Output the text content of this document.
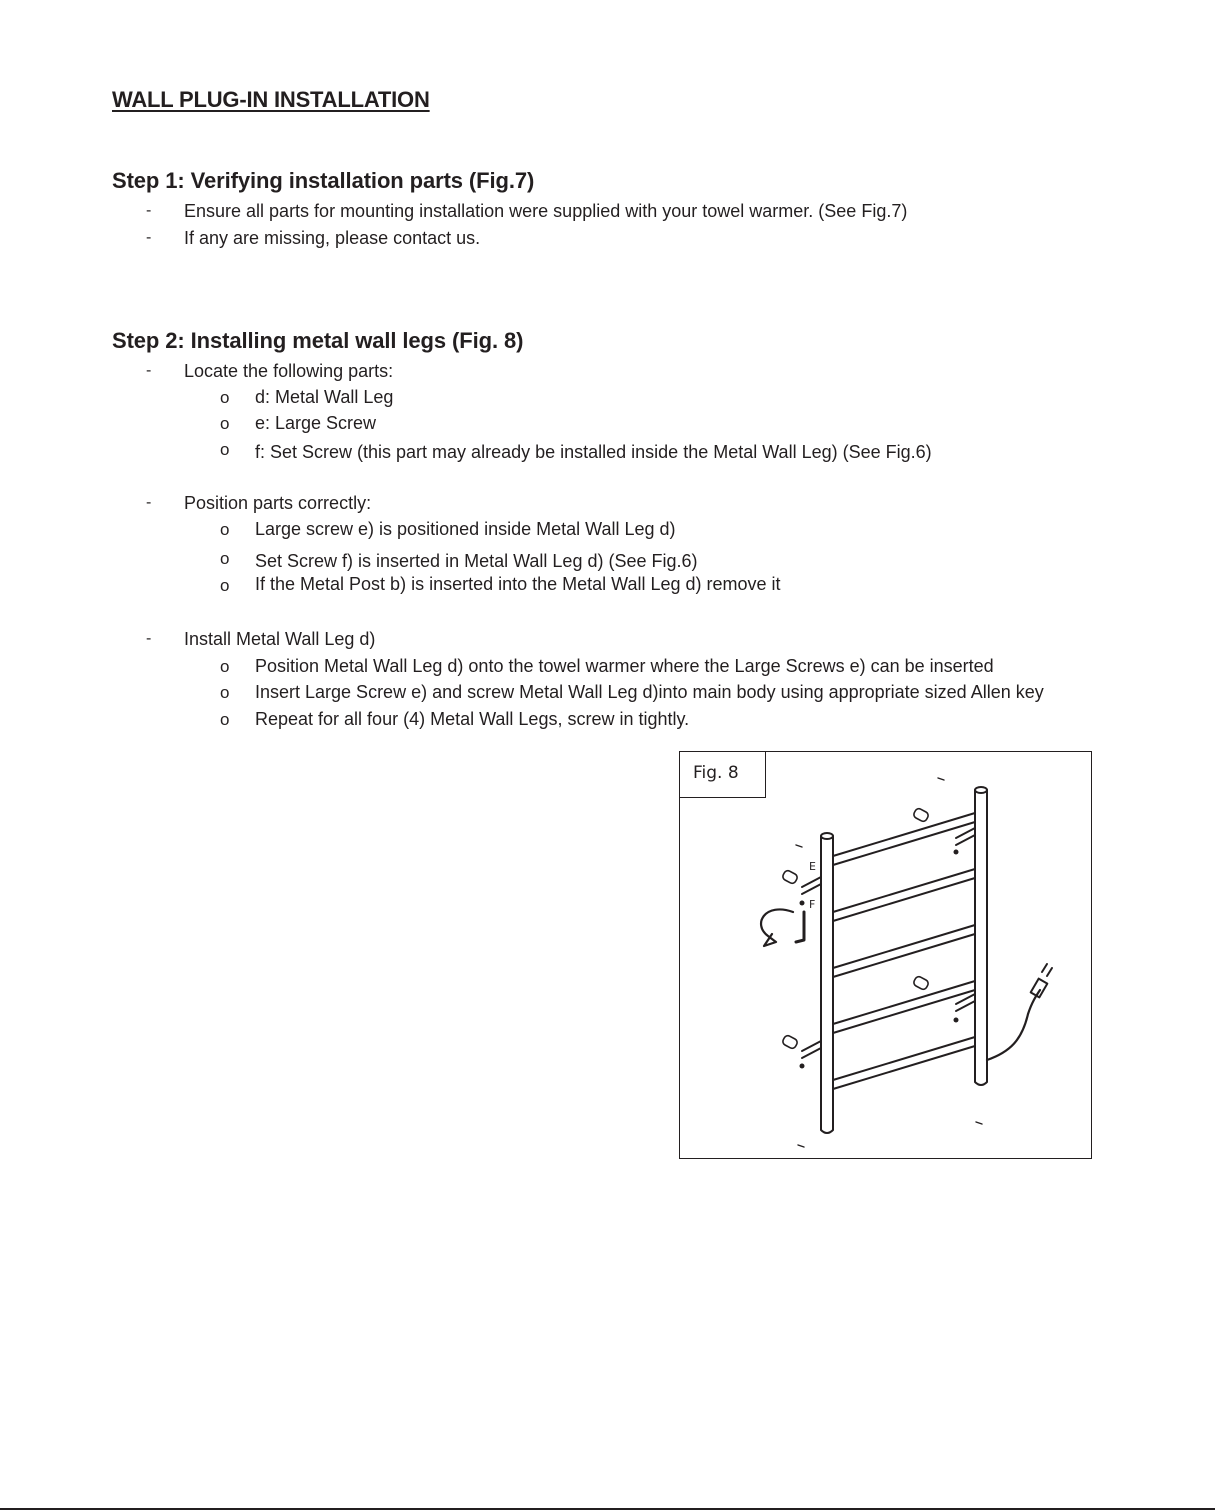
WALL PLUG-IN INSTALLATION
Step 1: Verifying installation parts (Fig.7)
- Ensure all parts for mounting installation were supplied with your towel warmer. (See Fig.7)
- If any are missing, please contact us.
Step 2: Installing metal wall legs (Fig. 8)
- Locate the following parts:
o d: Metal Wall Leg
o e: Large Screw
o f: Set Screw (this part may already be installed inside the Metal Wall Leg) (See Fig.6)
- Position parts correctly:
o Large screw e) is positioned inside Metal Wall Leg d)
o Set Screw f) is inserted in Metal Wall Leg d) (See Fig.6)
o If the Metal Post b) is inserted into the Metal Wall Leg d) remove it
- Install Metal Wall Leg d)
o Position Metal Wall Leg d) onto the towel warmer where the Large Screws e) can be inserted
o Insert Large Screw e) and screw Metal Wall Leg d)into main body using appropriate sized Allen key
o Repeat for all four (4) Metal Wall Legs, screw in tightly.
E
F
Fig. 8
